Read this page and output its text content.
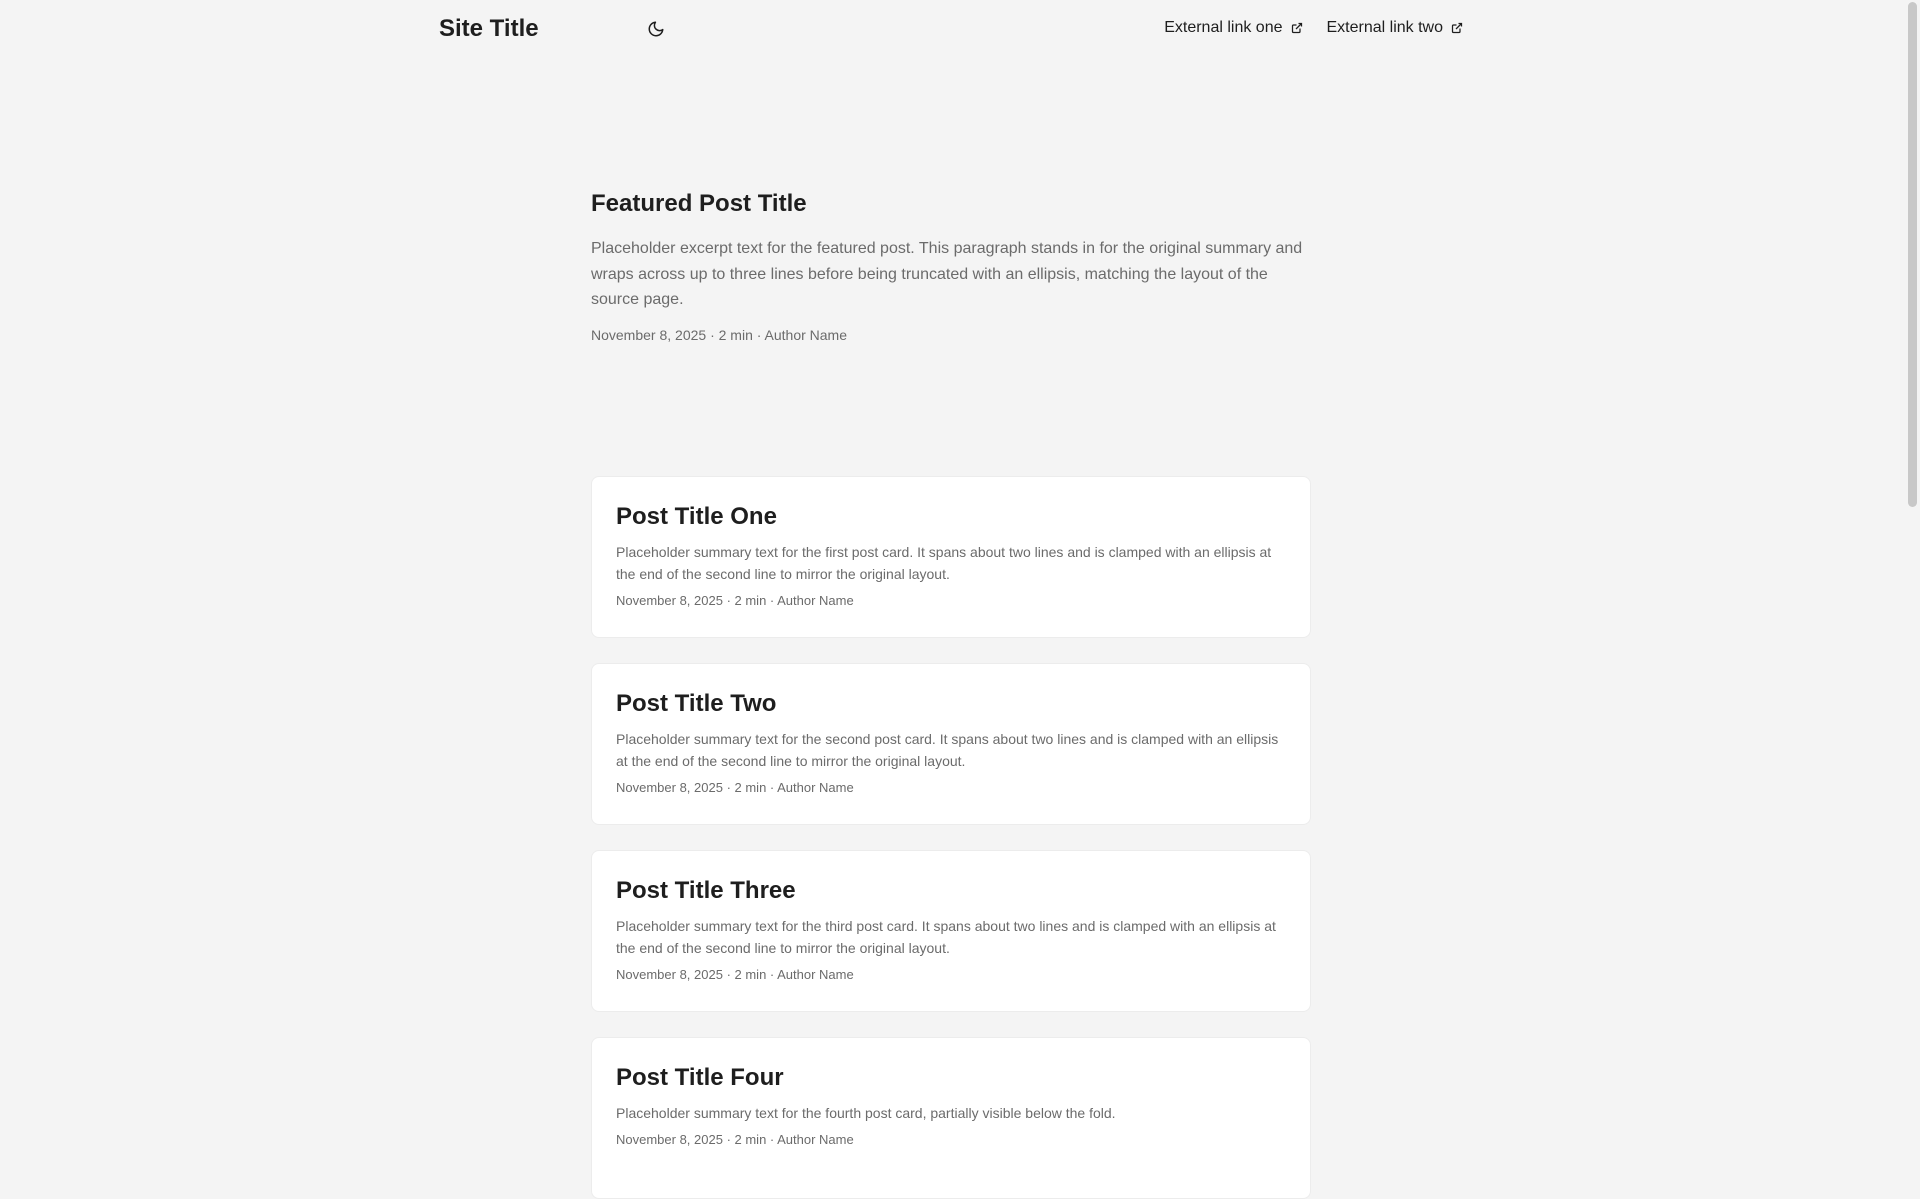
Site Title	External link one	External link two
Featured Post Title

Placeholder excerpt text for the featured post. This paragraph stands in for the original summary and wraps across up to three lines before being truncated with an ellipsis, matching the layout of the source page.

November 8, 2025 · 2 min · Author Name
Post Title One

Placeholder summary text for the first post card. It spans about two lines and is clamped with an ellipsis at the end of the second line to mirror the original layout.

November 8, 2025 · 2 min · Author Name
Post Title Two

Placeholder summary text for the second post card. It spans about two lines and is clamped with an ellipsis at the end of the second line to mirror the original layout.

November 8, 2025 · 2 min · Author Name
Post Title Three

Placeholder summary text for the third post card. It spans about two lines and is clamped with an ellipsis at the end of the second line to mirror the original layout.

November 8, 2025 · 2 min · Author Name
Post Title Four

Placeholder summary text for the fourth post card, partially visible below the fold.

November 8, 2025 · 2 min · Author Name
